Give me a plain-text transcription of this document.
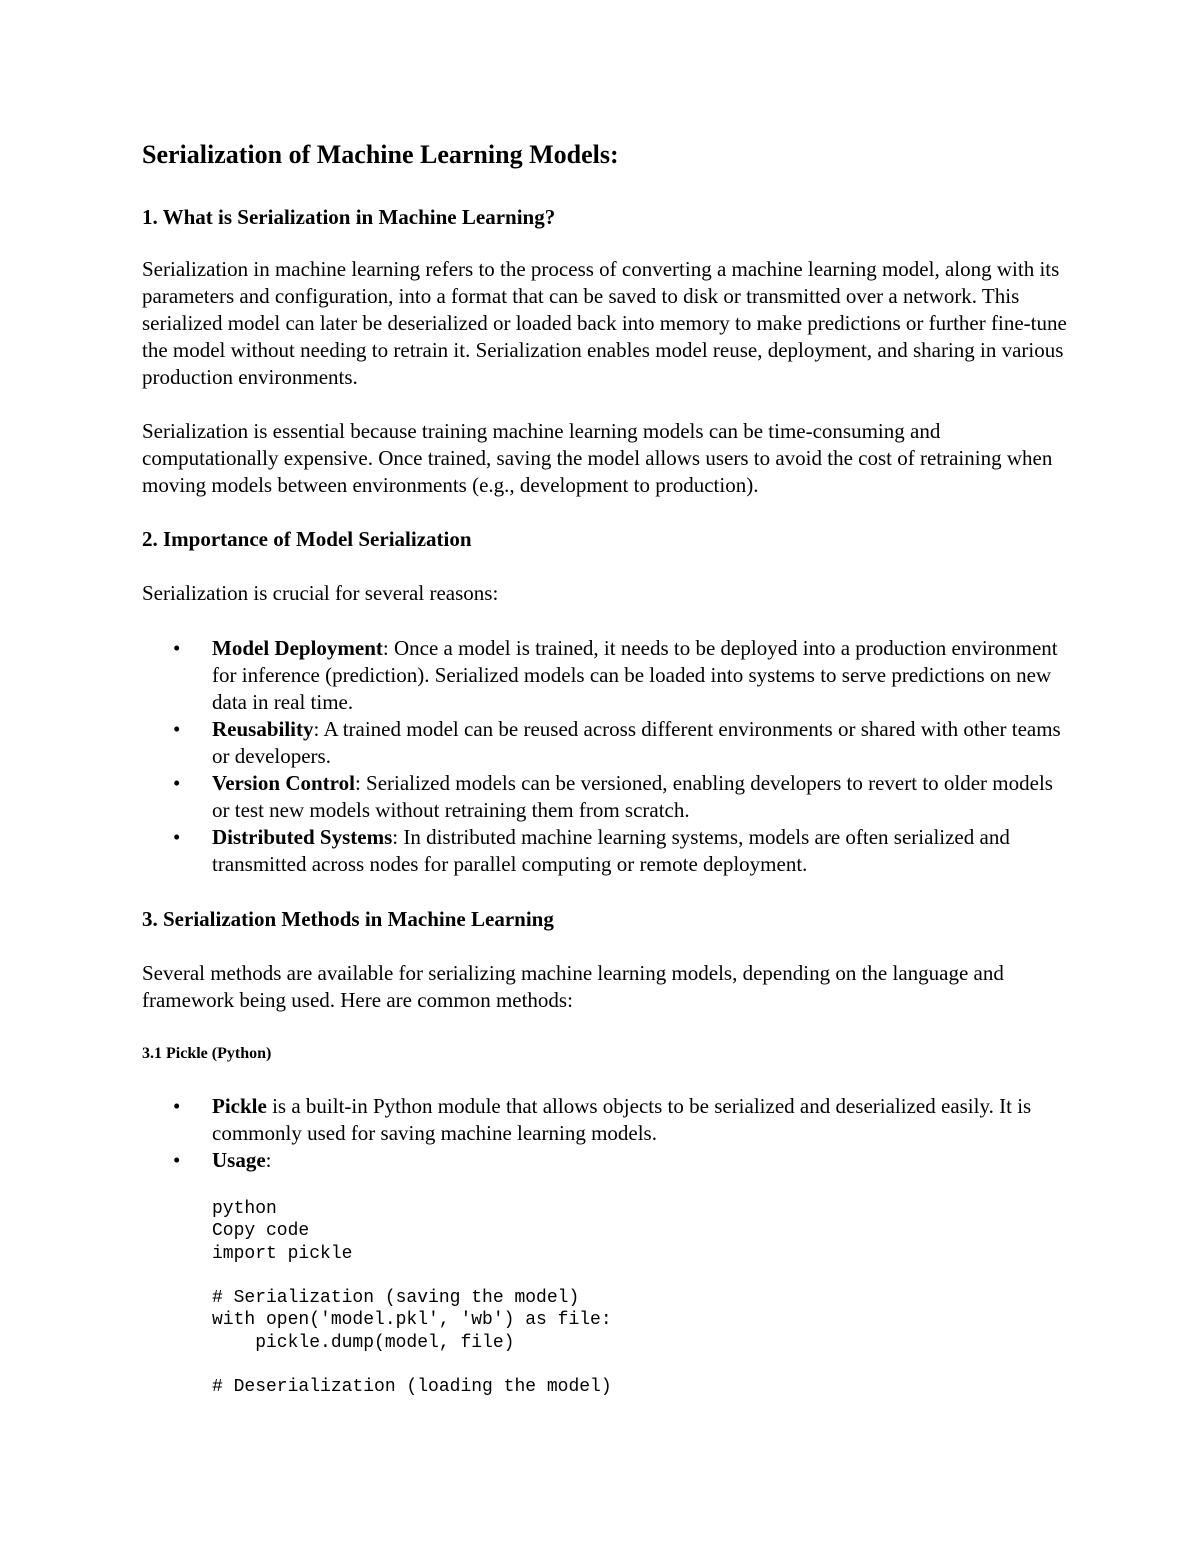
Serialization of Machine Learning Models:
1. What is Serialization in Machine Learning?

Serialization in machine learning refers to the process of converting a machine learning model, along with its parameters and configuration, into a format that can be saved to disk or transmitted over a network. This serialized model can later be deserialized or loaded back into memory to make predictions or further fine-tune the model without needing to retrain it. Serialization enables model reuse, deployment, and sharing in various production environments.

Serialization is essential because training machine learning models can be time-consuming and computationally expensive. Once trained, saving the model allows users to avoid the cost of retraining when moving models between environments (e.g., development to production).

2. Importance of Model Serialization

Serialization is crucial for several reasons:

• Model Deployment: Once a model is trained, it needs to be deployed into a production environment for inference (prediction). Serialized models can be loaded into systems to serve predictions on new data in real time.
• Reusability: A trained model can be reused across different environments or shared with other teams or developers.
• Version Control: Serialized models can be versioned, enabling developers to revert to older models or test new models without retraining them from scratch.
• Distributed Systems: In distributed machine learning systems, models are often serialized and transmitted across nodes for parallel computing or remote deployment.
3. Serialization Methods in Machine Learning

Several methods are available for serializing machine learning models, depending on the language and framework being used. Here are common methods:

3.1 Pickle (Python)
• Pickle is a built-in Python module that allows objects to be serialized and deserialized easily. It is commonly used for saving machine learning models.
• Usage:
python
Copy code
import pickle

# Serialization (saving the model)
with open('model.pkl', 'wb') as file:
pickle.dump(model, file)

# Deserialization (loading the model)
